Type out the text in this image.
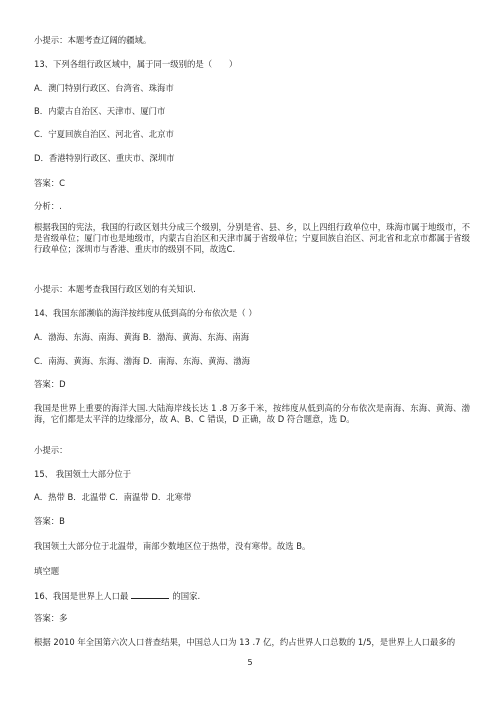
小提示：本题考查辽阔的疆域。
13、下列各组行政区域中，属于同一级别的是（　　）
A．澳门特别行政区、台湾省、珠海市
B．内蒙古自治区、天津市、厦门市
C．宁夏回族自治区、河北省、北京市
D．香港特别行政区、重庆市、深圳市
答案：C
分析：.
根据我国的宪法，我国的行政区划共分成三个级别，分别是省、县、乡，以上四组行政单位中，珠海市属于地级市，不是省级单位；厦门市也是地级市，内蒙古自治区和天津市属于省级单位；宁夏回族自治区、河北省和北京市都属于省级行政单位；深圳市与香港、重庆市的级别不同，故选C.
小提示：本题考查我国行政区划的有关知识.
14、我国东部濒临的海洋按纬度从低到高的分布依次是（ ）
A．渤海、东海、南海、黄海 B．渤海、黄海、东海、南海
C．南海、黄海、东海、渤海 D．南海、东海、黄海、渤海
答案：D
我国是世界上重要的海洋大国.大陆海岸线长达 1 .8 万多千米，按纬度从低到高的分布依次是南海、东海、黄海、渤海，它们都是太平洋的边缘部分，故 A、B、C 错误，D 正确，故 D 符合题意，选 D。
小提示：
15、 我国领土大部分位于
A．热带 B．北温带 C．南温带 D．北寒带
答案：B
我国领土大部分位于北温带，南部少数地区位于热带，没有寒带。故选 B。
填空题
16、我国是世界上人口最	的国家.
答案：多
根据 2010 年全国第六次人口普查结果，中国总人口为 13 .7 亿，约占世界人口总数的 1/5，是世界上人口最多的
5
